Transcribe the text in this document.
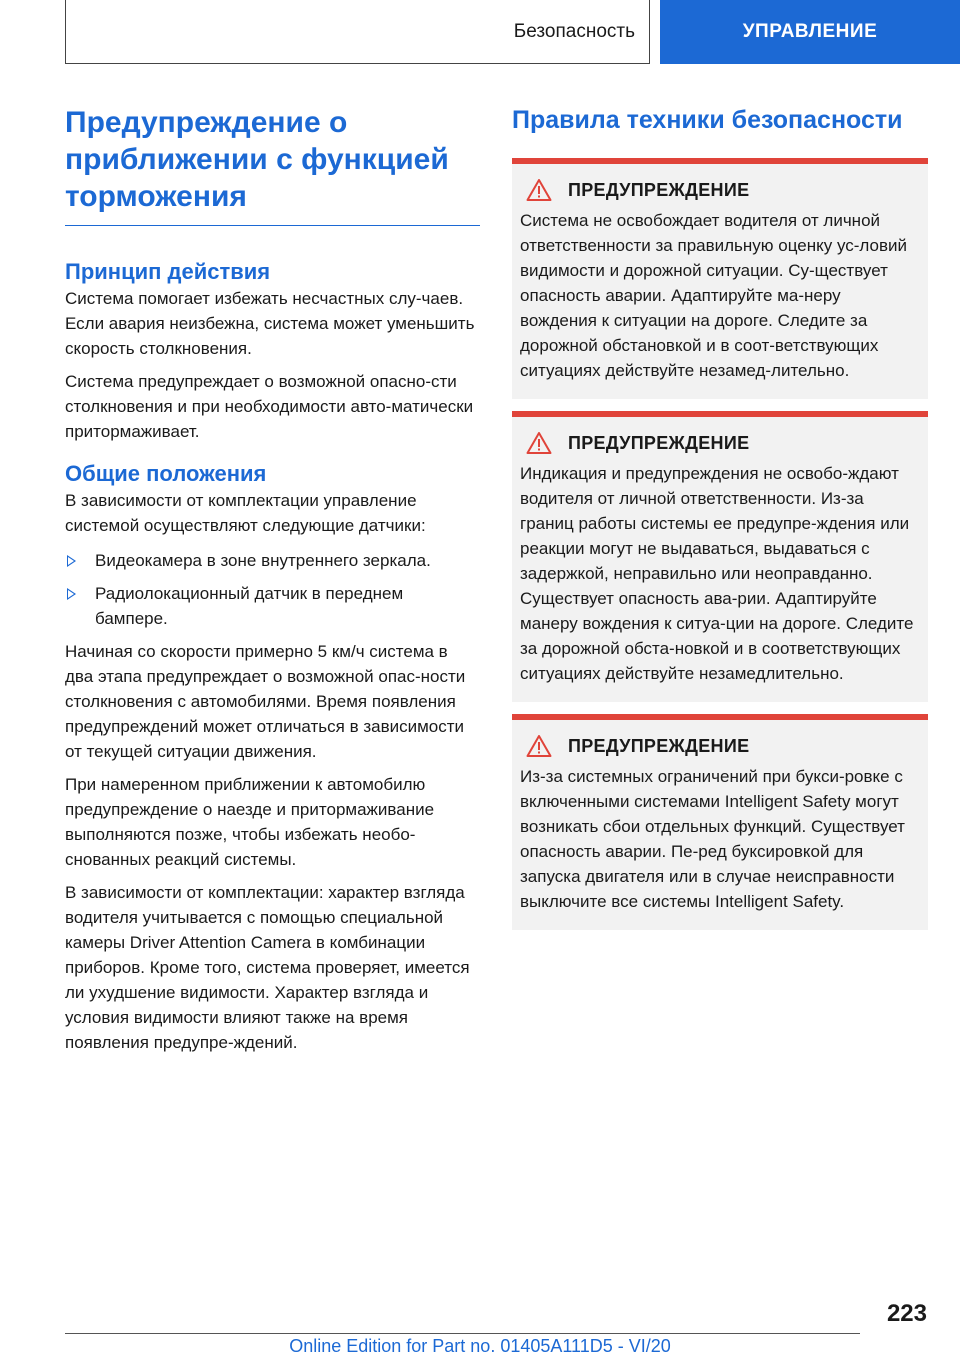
Безопасность	УПРАВЛЕНИЕ
Предупреждение о приближении с функцией торможения
Принцип действия

Система помогает избежать несчастных слу-чаев. Если авария неизбежна, система может уменьшить скорость столкновения.

Система предупреждает о возможной опасно-сти столкновения и при необходимости авто-матически притормаживает.

Общие положения

В зависимости от комплектации управление системой осуществляют следующие датчики:

Видеокамера в зоне внутреннего зеркала.
Радиолокационный датчик в переднем бампере.

Начиная со скорости примерно 5 км/ч система в два этапа предупреждает о возможной опас-ности столкновения с автомобилями. Время появления предупреждений может отличаться в зависимости от текущей ситуации движения.

При намеренном приближении к автомобилю предупреждение о наезде и притормаживание выполняются позже, чтобы избежать необо-снованных реакций системы.

В зависимости от комплектации: характер взгляда водителя учитывается с помощью специальной камеры Driver Attention Camera в комбинации приборов. Кроме того, система проверяет, имеется ли ухудшение видимости. Характер взгляда и условия видимости влияют также на время появления предупре-ждений.

Правила техники безопасности
ПРЕДУПРЕЖДЕНИЕ
Система не освобождает водителя от личной ответственности за правильную оценку ус-ловий видимости и дорожной ситуации. Су-ществует опасность аварии. Адаптируйте ма-неру вождения к ситуации на дороге. Следите за дорожной обстановкой и в соот-ветствующих ситуациях действуйте незамед-лительно.
ПРЕДУПРЕЖДЕНИЕ
Индикация и предупреждения не освобо-ждают водителя от личной ответственности. Из-за границ работы системы ее предупре-ждения или реакции могут не выдаваться, выдаваться с задержкой, неправильно или неоправданно. Существует опасность ава-рии. Адаптируйте манеру вождения к ситуа-ции на дороге. Следите за дорожной обста-новкой и в соответствующих ситуациях действуйте незамедлительно.
ПРЕДУПРЕЖДЕНИЕ
Из-за системных ограничений при букси-ровке с включенными системами Intelligent Safety могут возникать сбои отдельных функций. Существует опасность аварии. Пе-ред буксировкой для запуска двигателя или в случае неисправности выключите все системы Intelligent Safety.
223
Online Edition for Part no. 01405A111D5 - VI/20
